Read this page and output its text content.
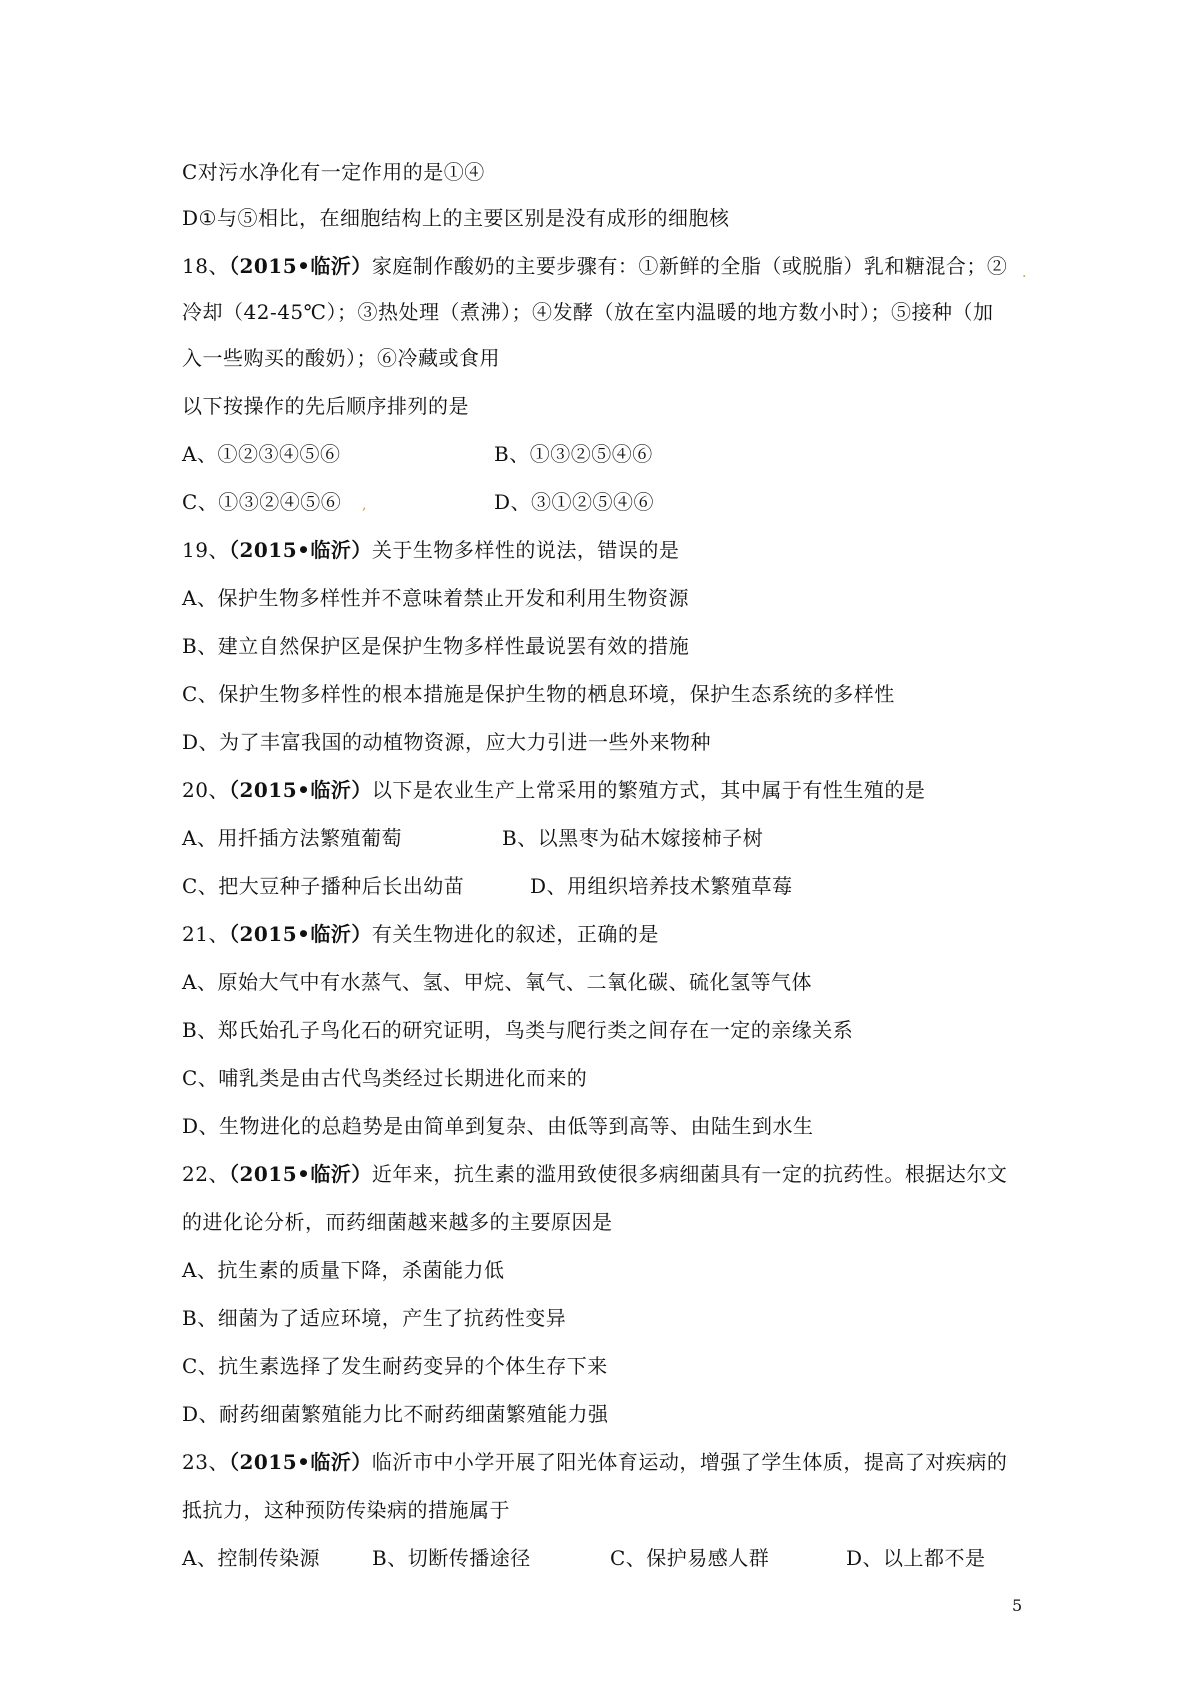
C对污水净化有一定作用的是①④
D①与⑤相比，在细胞结构上的主要区别是没有成形的细胞核
18、（2015•临沂）家庭制作酸奶的主要步骤有：①新鲜的全脂（或脱脂）乳和糖混合；②
冷却（42-45℃）；③热处理（煮沸）；④发酵（放在室内温暖的地方数小时）；⑤接种（加
入一些购买的酸奶）；⑥冷藏或食用
以下按操作的先后顺序排列的是
A、①②③④⑤⑥	B、①③②⑤④⑥
C、①③②④⑤⑥	D、③①②⑤④⑥
19、（2015•临沂）关于生物多样性的说法，错误的是
A、保护生物多样性并不意味着禁止开发和利用生物资源
B、建立自然保护区是保护生物多样性最说罢有效的措施
C、保护生物多样性的根本措施是保护生物的栖息环境，保护生态系统的多样性
D、为了丰富我国的动植物资源，应大力引进一些外来物种
20、（2015•临沂）以下是农业生产上常采用的繁殖方式，其中属于有性生殖的是
A、用扦插方法繁殖葡萄	B、以黑枣为砧木嫁接柿子树
C、把大豆种子播种后长出幼苗	D、用组织培养技术繁殖草莓
21、（2015•临沂）有关生物进化的叙述，正确的是
A、原始大气中有水蒸气、氢、甲烷、氧气、二氧化碳、硫化氢等气体
B、郑氏始孔子鸟化石的研究证明，鸟类与爬行类之间存在一定的亲缘关系
C、哺乳类是由古代鸟类经过长期进化而来的
D、生物进化的总趋势是由简单到复杂、由低等到高等、由陆生到水生
22、（2015•临沂）近年来，抗生素的滥用致使很多病细菌具有一定的抗药性。根据达尔文
的进化论分析，而药细菌越来越多的主要原因是
A、抗生素的质量下降，杀菌能力低
B、细菌为了适应环境，产生了抗药性变异
C、抗生素选择了发生耐药变异的个体生存下来
D、耐药细菌繁殖能力比不耐药细菌繁殖能力强
23、（2015•临沂）临沂市中小学开展了阳光体育运动，增强了学生体质，提高了对疾病的
抵抗力，这种预防传染病的措施属于
A、控制传染源	B、切断传播途径	C、保护易感人群	D、以上都不是
.
,
5
